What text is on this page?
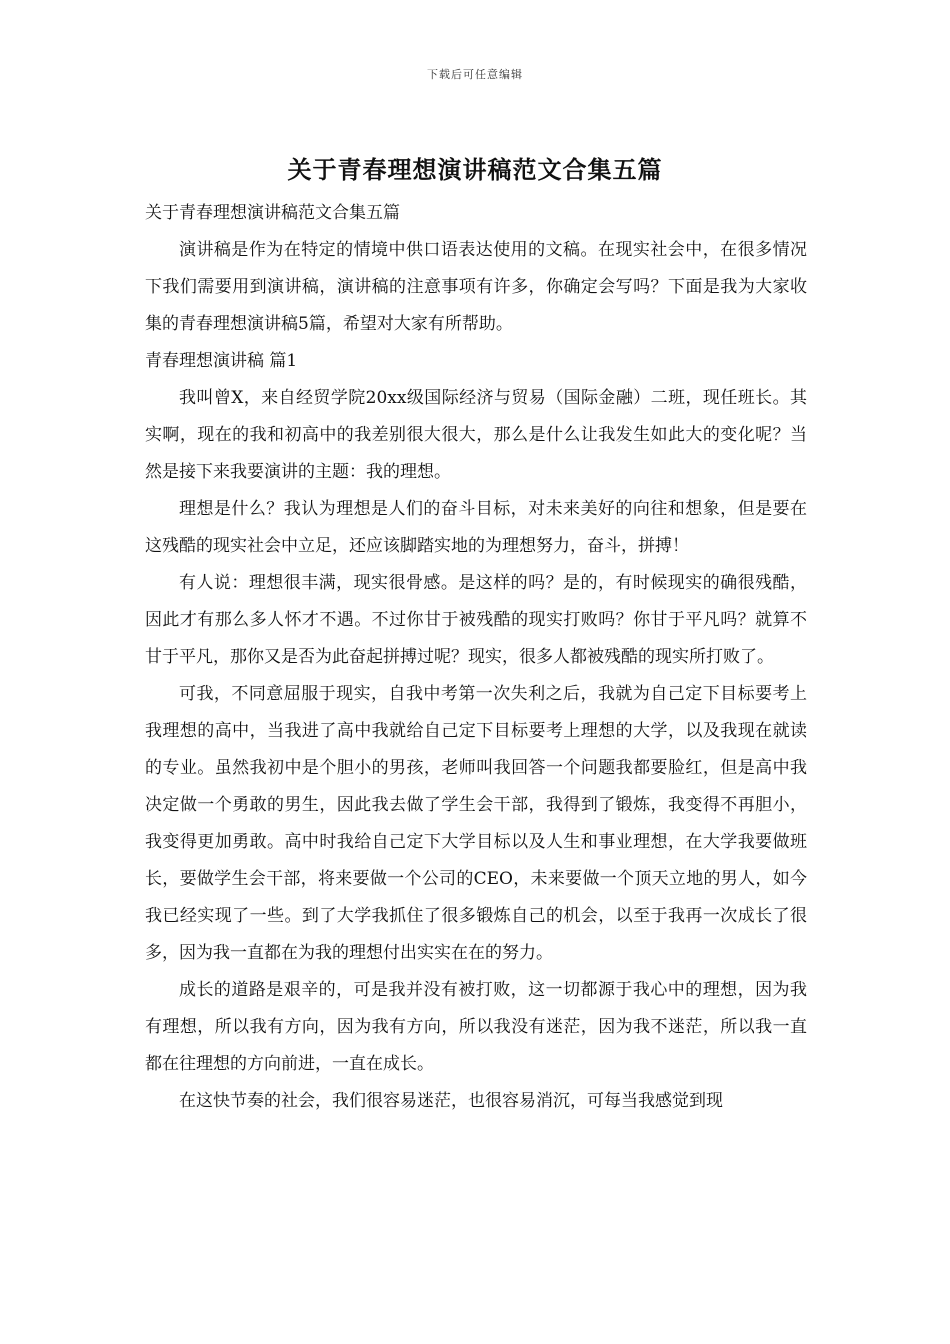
下载后可任意编辑
关于青春理想演讲稿范文合集五篇

关于青春理想演讲稿范文合集五篇

演讲稿是作为在特定的情境中供口语表达使用的文稿。在现实社会中，在很多情况下我们需要用到演讲稿，演讲稿的注意事项有许多，你确定会写吗？下面是我为大家收集的青春理想演讲稿5篇，希望对大家有所帮助。

青春理想演讲稿 篇1

我叫曾X，来自经贸学院20xx级国际经济与贸易（国际金融）二班，现任班长。其实啊，现在的我和初高中的我差别很大很大，那么是什么让我发生如此大的变化呢？当然是接下来我要演讲的主题：我的理想。

理想是什么？我认为理想是人们的奋斗目标，对未来美好的向往和想象，但是要在这残酷的现实社会中立足，还应该脚踏实地的为理想努力，奋斗，拼搏！

有人说：理想很丰满，现实很骨感。是这样的吗？是的，有时候现实的确很残酷，因此才有那么多人怀才不遇。不过你甘于被残酷的现实打败吗？你甘于平凡吗？就算不甘于平凡，那你又是否为此奋起拼搏过呢？现实，很多人都被残酷的现实所打败了。

可我，不同意屈服于现实，自我中考第一次失利之后，我就为自己定下目标要考上我理想的高中，当我进了高中我就给自己定下目标要考上理想的大学，以及我现在就读的专业。虽然我初中是个胆小的男孩，老师叫我回答一个问题我都要脸红，但是高中我决定做一个勇敢的男生，因此我去做了学生会干部，我得到了锻炼，我变得不再胆小，我变得更加勇敢。高中时我给自己定下大学目标以及人生和事业理想，在大学我要做班长，要做学生会干部，将来要做一个公司的CEO，未来要做一个顶天立地的男人，如今我已经实现了一些。到了大学我抓住了很多锻炼自己的机会，以至于我再一次成长了很多，因为我一直都在为我的理想付出实实在在的努力。

成长的道路是艰辛的，可是我并没有被打败，这一切都源于我心中的理想，因为我有理想，所以我有方向，因为我有方向，所以我没有迷茫，因为我不迷茫，所以我一直都在往理想的方向前进，一直在成长。

在这快节奏的社会，我们很容易迷茫，也很容易消沉，可每当我感觉到现
